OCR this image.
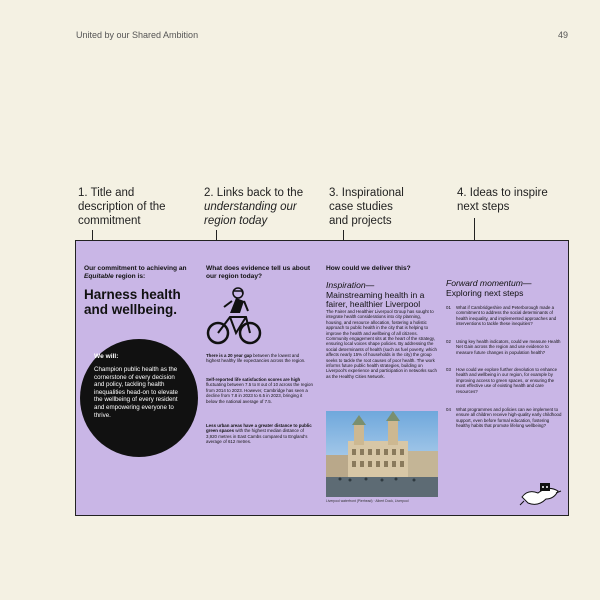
United by our Shared Ambition	49
1. Title and
description of the
commitment
2. Links back to the
understanding our
region today
3. Inspirational
case studies
and projects
4. Ideas to inspire
next steps
Our commitment to achieving an Equitable region is:
Harness health and wellbeing.
We will:
Champion public health as the cornerstone of every decision and policy, tackling health inequalities head-on to elevate the wellbeing of every resident and empowering everyone to thrive.
What does evidence tell us about our region today?
There is a 20 year gap between the lowest and highest healthy life expectancies across the region.
Self-reported life satisfaction scores are high fluctuating between 7.5 to 8 out of 10 across the region from 2014 to 2023. However, Cambridge has seen a decline from 7.8 in 2023 to 6.5 in 2023, bringing it below the national average of 7.5.
Less urban areas have a greater distance to public green spaces with the highest median distance of 3,920 metres in East Cambs compared to England's average of 612 metres.
How could we deliver this?
Inspiration—
Mainstreaming health in a fairer, healthier Liverpool
The Fairer and Healthier Liverpool Group has sought to integrate health considerations into city planning, housing, and resource allocation, fostering a holistic approach to public health in the city that is helping to improve the health and wellbeing of all citizens. Community engagement sits at the heart of the strategy, ensuring local voices shape policies. By addressing the social determinants of health (such as fuel poverty, which affects nearly 15% of households in the city) the group seeks to tackle the root causes of poor health. The work informs future public health strategies, building on Liverpool's experience and participation in networks such as the Healthy Cities Network.
Liverpool waterfront (Pierhead) · Albert Dock, Liverpool
Forward momentum—
Exploring next steps
01 What if Cambridgeshire and Peterborough made a commitment to address the social determinants of health inequality, and implemented approaches and interventions to tackle these inequities?
02 Using key health indicators, could we measure Health Net Gain across the region and use evidence to measure future changes in population health?
03 How could we explore further devolution to enhance health and wellbeing in our region, for example by improving access to green spaces, or ensuring the most effective use of existing health and care resources?
04 What programmes and policies can we implement to ensure all children receive high-quality early childhood support, even before formal education, fostering healthy habits that promote lifelong wellbeing?
